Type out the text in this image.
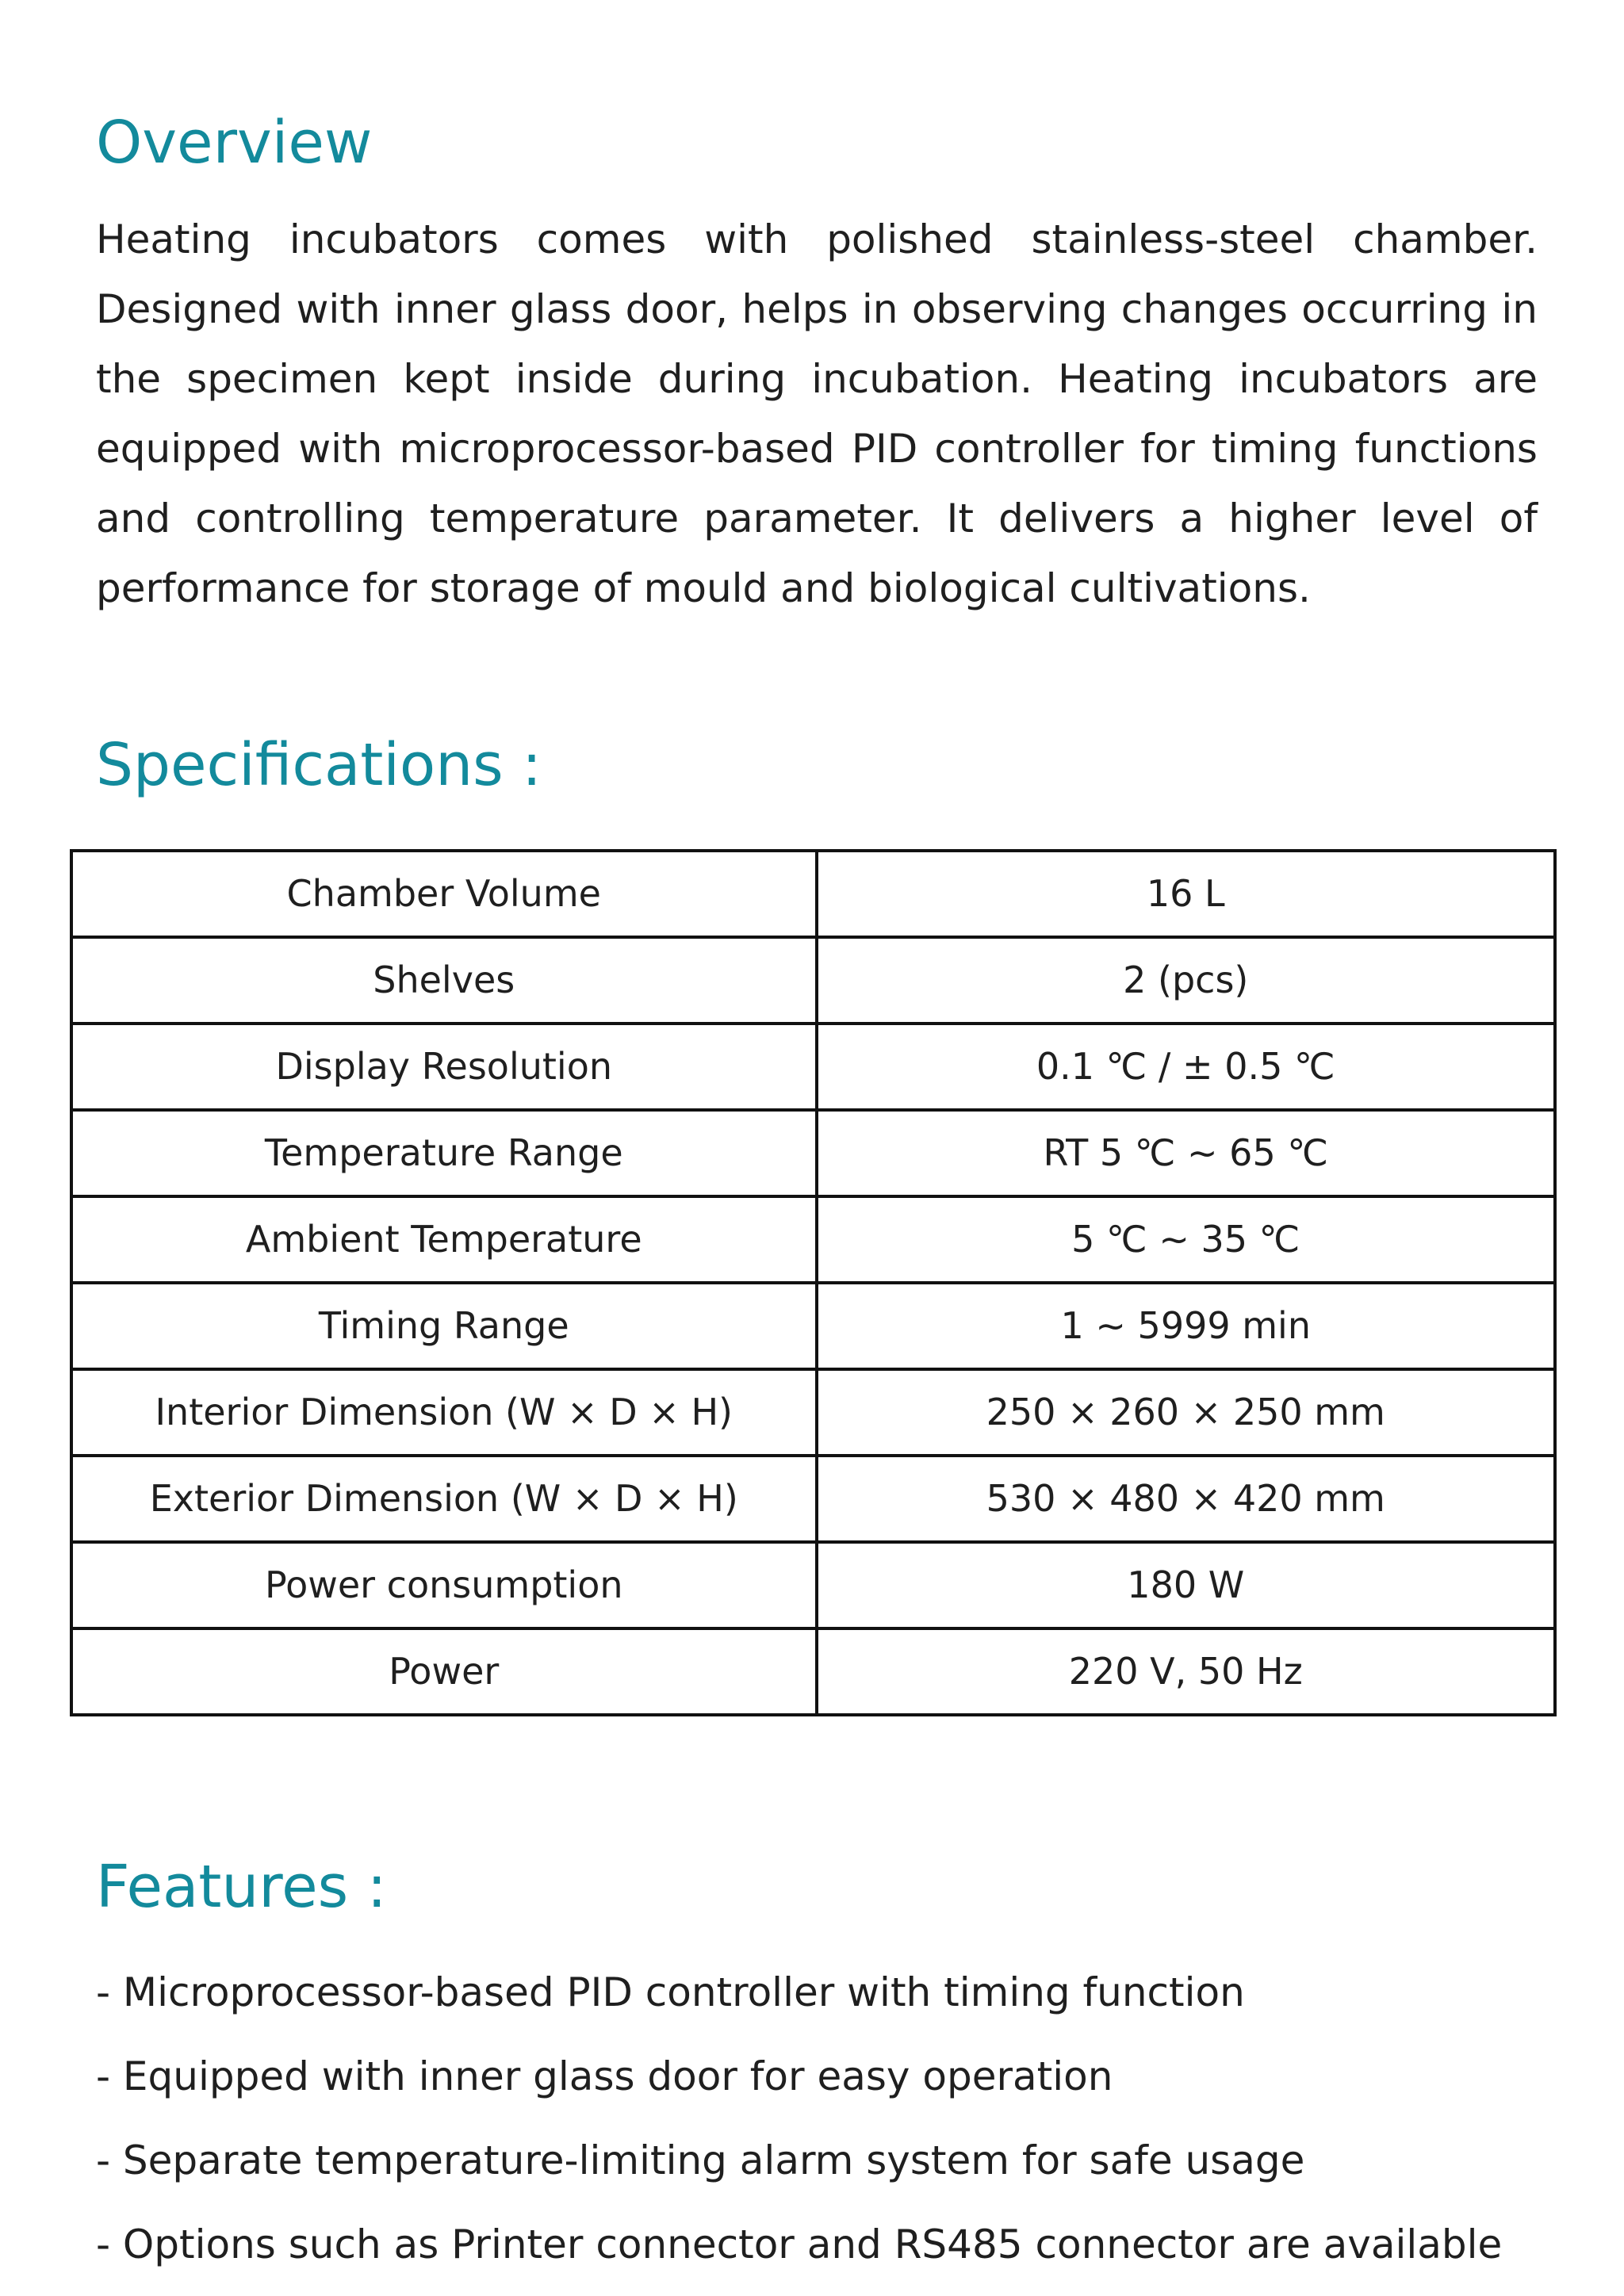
Overview

Heating incubators comes with polished stainless-steel chamber. Designed with inner glass door, helps in observing changes occurring in the specimen kept inside during incubation. Heating incubators are equipped with microprocessor-based PID controller for timing functions and controlling temperature parameter. It delivers a higher level of performance for storage of mould and biological cultivations.

Specifications :
Chamber Volume	16 L
Shelves	2 (pcs)
Display Resolution	0.1 ℃ / ± 0.5 ℃
Temperature Range	RT 5 ℃ ~ 65 ℃
Ambient Temperature	5 ℃ ~ 35 ℃
Timing Range	1 ~ 5999 min
Interior Dimension (W × D × H)	250 × 260 × 250 mm
Exterior Dimension (W × D × H)	530 × 480 × 420 mm
Power consumption	180 W
Power	220 V, 50 Hz
Features :
- Microprocessor-based PID controller with timing function
- Equipped with inner glass door for easy operation
- Separate temperature-limiting alarm system for safe usage
- Options such as Printer connector and RS485 connector are available
